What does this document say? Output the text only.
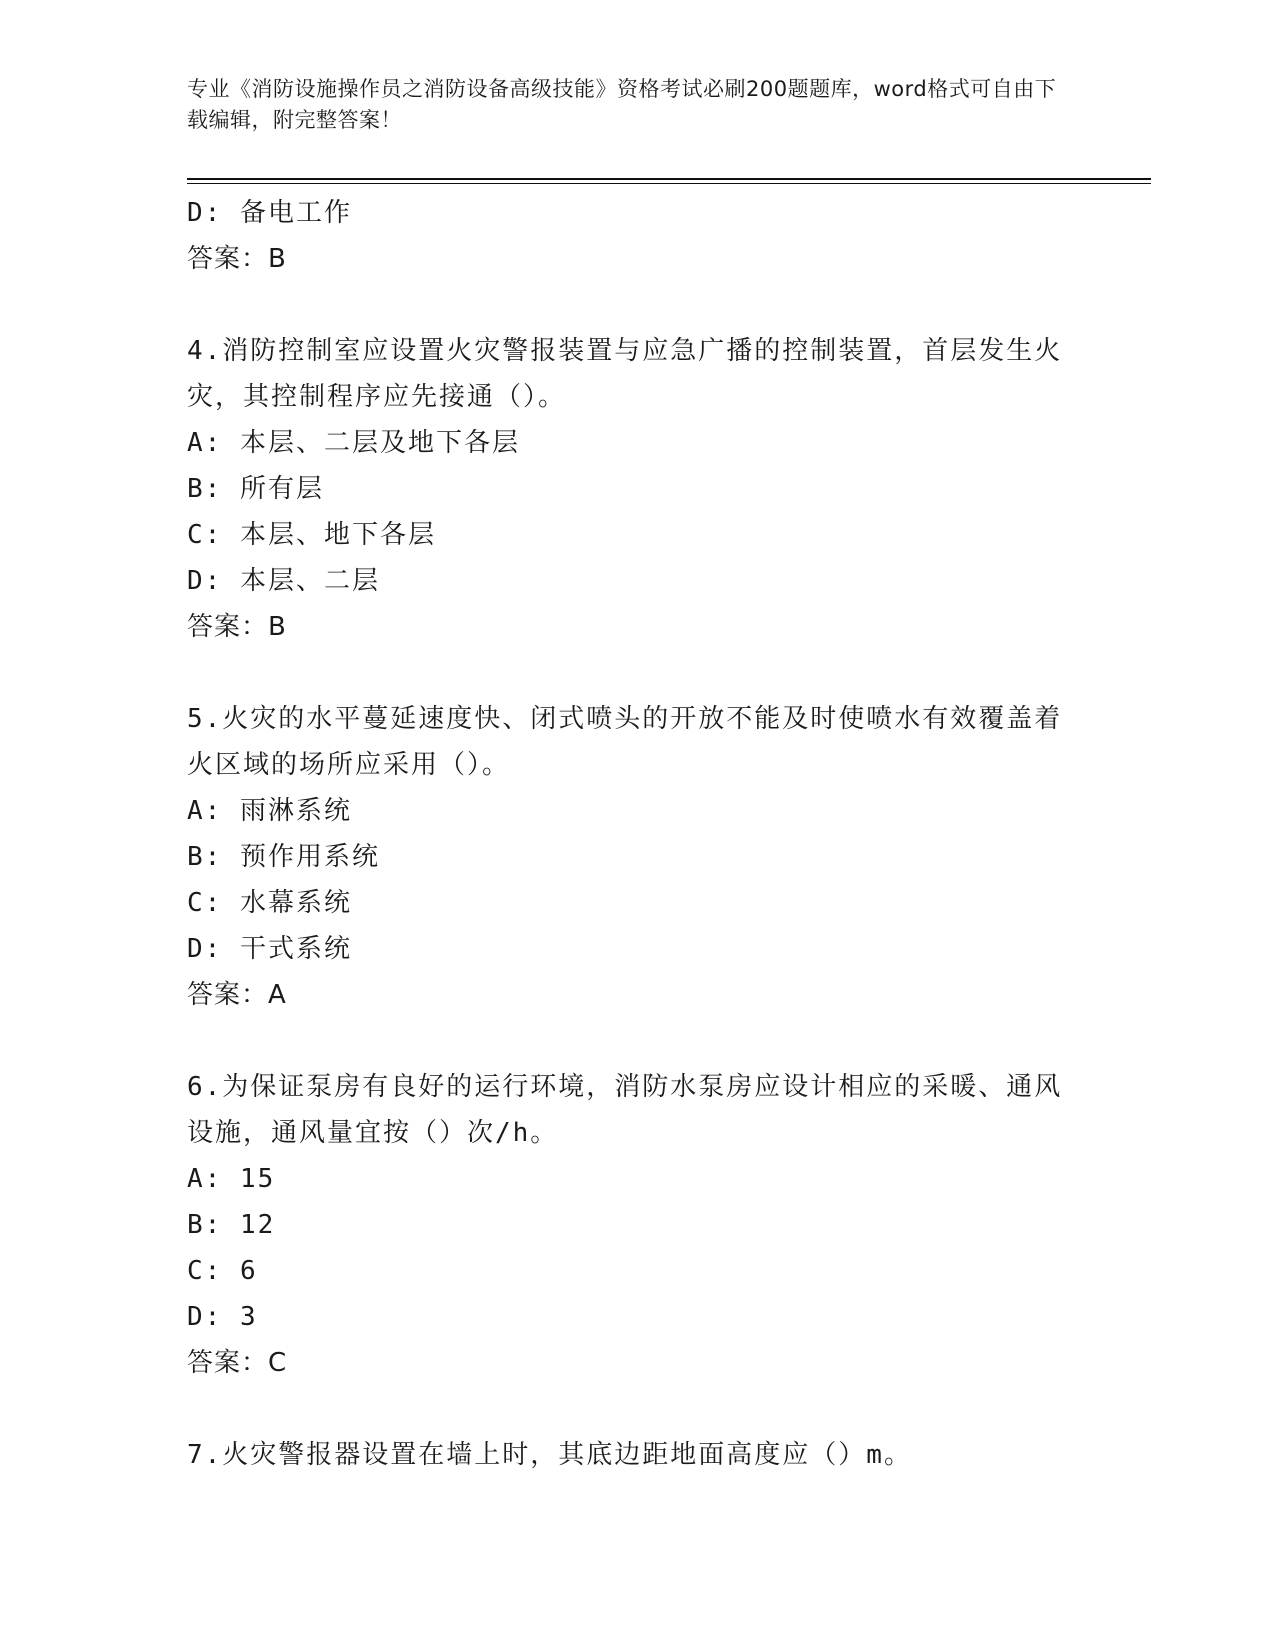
专业《消防设施操作员之消防设备高级技能》资格考试必刷200题题库，word格式可自由下载编辑，附完整答案！
D: 备电工作
答案：B
4.消防控制室应设置火灾警报装置与应急广播的控制装置，首层发生火灾，其控制程序应先接通（）。
A: 本层、二层及地下各层
B: 所有层
C: 本层、地下各层
D: 本层、二层
答案：B
5.火灾的水平蔓延速度快、闭式喷头的开放不能及时使喷水有效覆盖着火区域的场所应采用（）。
A: 雨淋系统
B: 预作用系统
C: 水幕系统
D: 干式系统
答案：A
6.为保证泵房有良好的运行环境，消防水泵房应设计相应的采暖、通风设施，通风量宜按（）次/h。
A: 15
B: 12
C: 6
D: 3
答案：C
7.火灾警报器设置在墙上时，其底边距地面高度应（）m。
